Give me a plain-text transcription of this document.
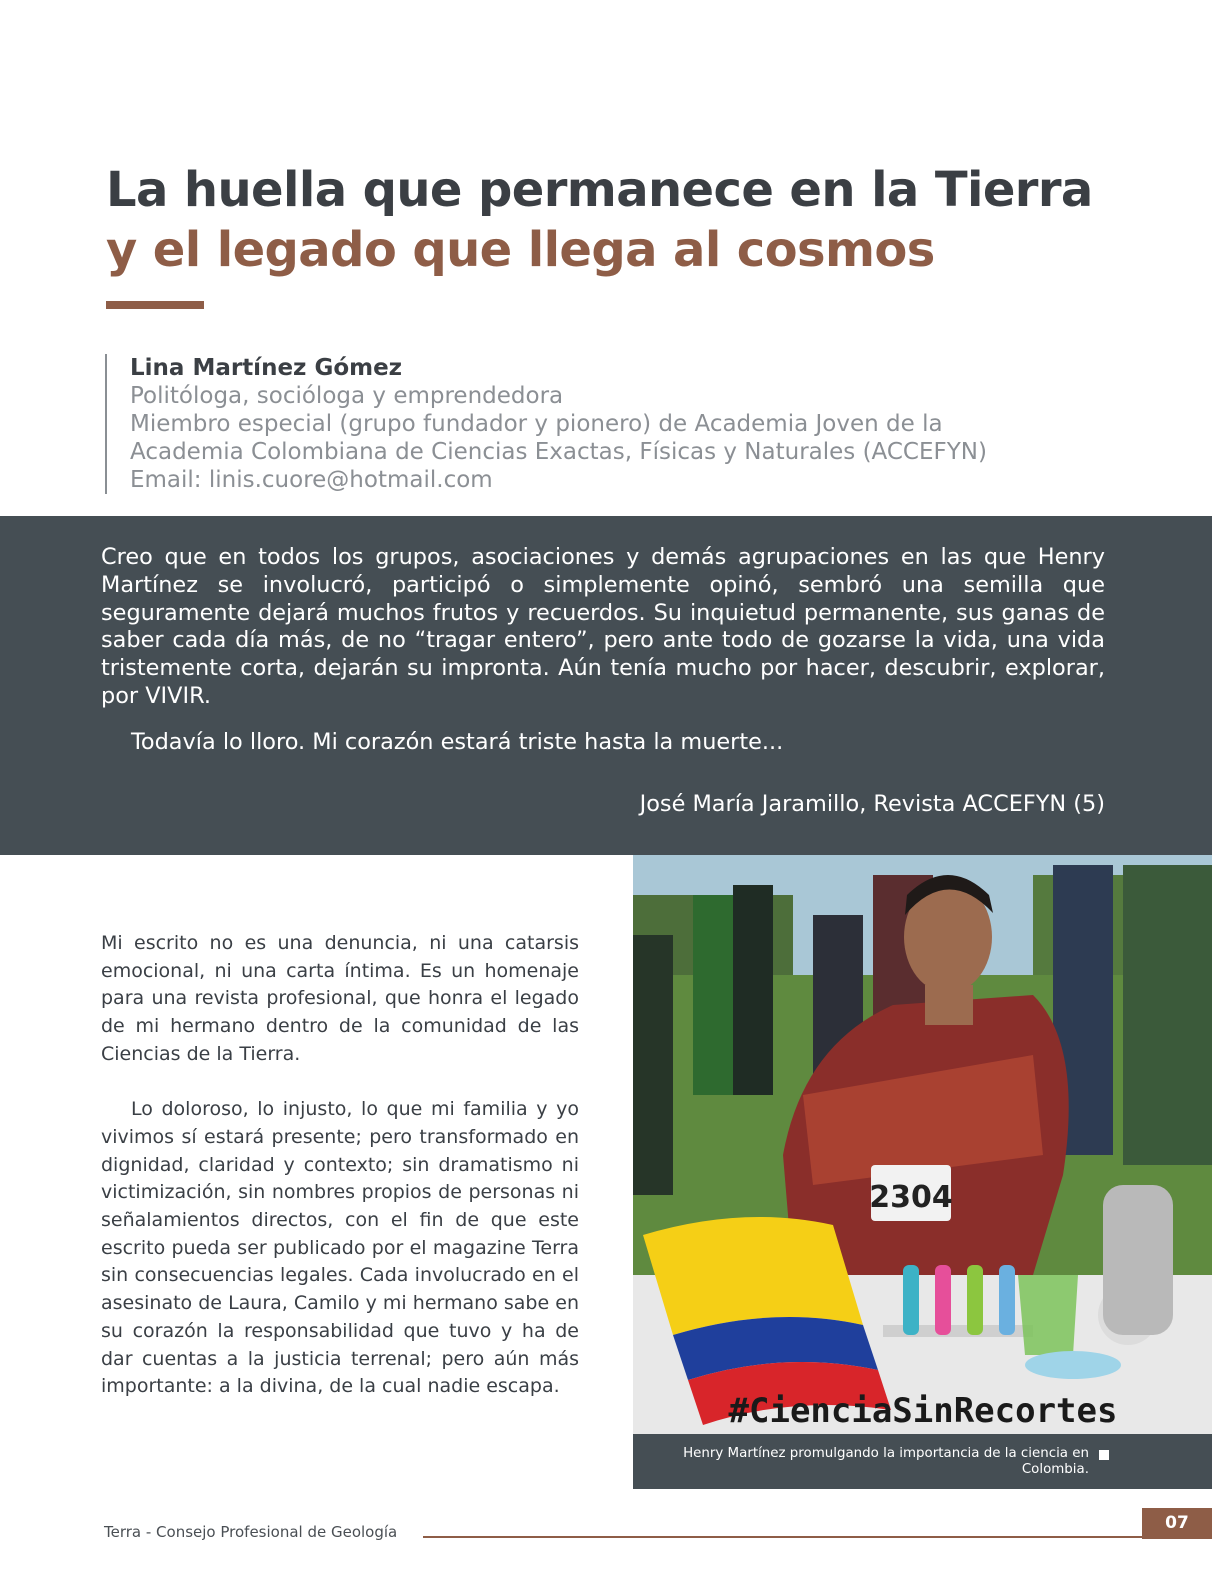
La huella que permanece en la Tierra
y el legado que llega al cosmos
Lina Martínez Gómez
Politóloga, socióloga y emprendedora
Miembro especial (grupo fundador y pionero) de Academia Joven de la
Academia Colombiana de Ciencias Exactas, Físicas y Naturales (ACCEFYN)
Email: linis.cuore@hotmail.com

Creo que en todos los grupos, asociaciones y demás agrupaciones en las que Henry Martínez se involucró, participó o simplemente opinó, sembró una semilla que seguramente dejará muchos frutos y recuerdos. Su inquietud permanente, sus ganas de saber cada día más, de no “tragar entero”, pero ante todo de gozarse la vida, una vida tristemente corta, dejarán su impronta. Aún tenía mucho por hacer, descubrir, explorar, por VIVIR.

Todavía lo lloro. Mi corazón estará triste hasta la muerte...

José María Jaramillo, Revista ACCEFYN (5)

Mi escrito no es una denuncia, ni una catarsis emocional, ni una carta íntima. Es un homenaje para una revista profesional, que honra el legado de mi hermano dentro de la comunidad de las Ciencias de la Tierra.

Lo doloroso, lo injusto, lo que mi familia y yo vivimos sí estará presente; pero transformado en dignidad, claridad y contexto; sin dramatismo ni victimización, sin nombres propios de personas ni señalamientos directos, con el fin de que este escrito pueda ser publicado por el magazine Terra sin consecuencias legales. Cada involucrado en el asesinato de Laura, Camilo y mi hermano sabe en su corazón la responsabilidad que tuvo y ha de dar cuentas a la justicia terrenal; pero aún más importante: a la divina, de la cual nadie escapa.

2304
#CienciaSinRecortes
Henry Martínez promulgando la importancia de la ciencia en Colombia.
Terra - Consejo Profesional de Geología	07
